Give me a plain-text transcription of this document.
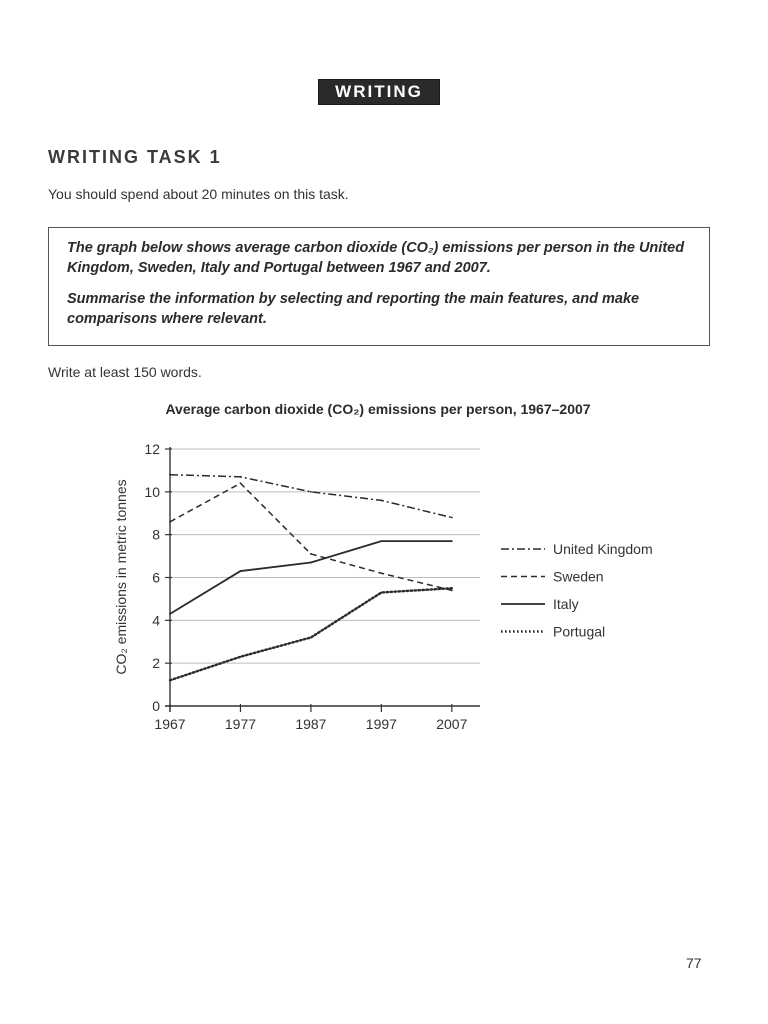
WRITING
WRITING TASK 1
You should spend about 20 minutes on this task.

The graph below shows average carbon dioxide (CO₂) emissions per person in the United Kingdom, Sweden, Italy and Portugal between 1967 and 2007.

Summarise the information by selecting and reporting the main features, and make comparisons where relevant.

Write at least 150 words.
Average carbon dioxide (CO₂) emissions per person, 1967–2007
CO₂ emissions in metric tonnes
0
2
4
6
8
10
12
1967	1977	1987	1997	2007
United Kingdom
Sweden
Italy
Portugal
77
